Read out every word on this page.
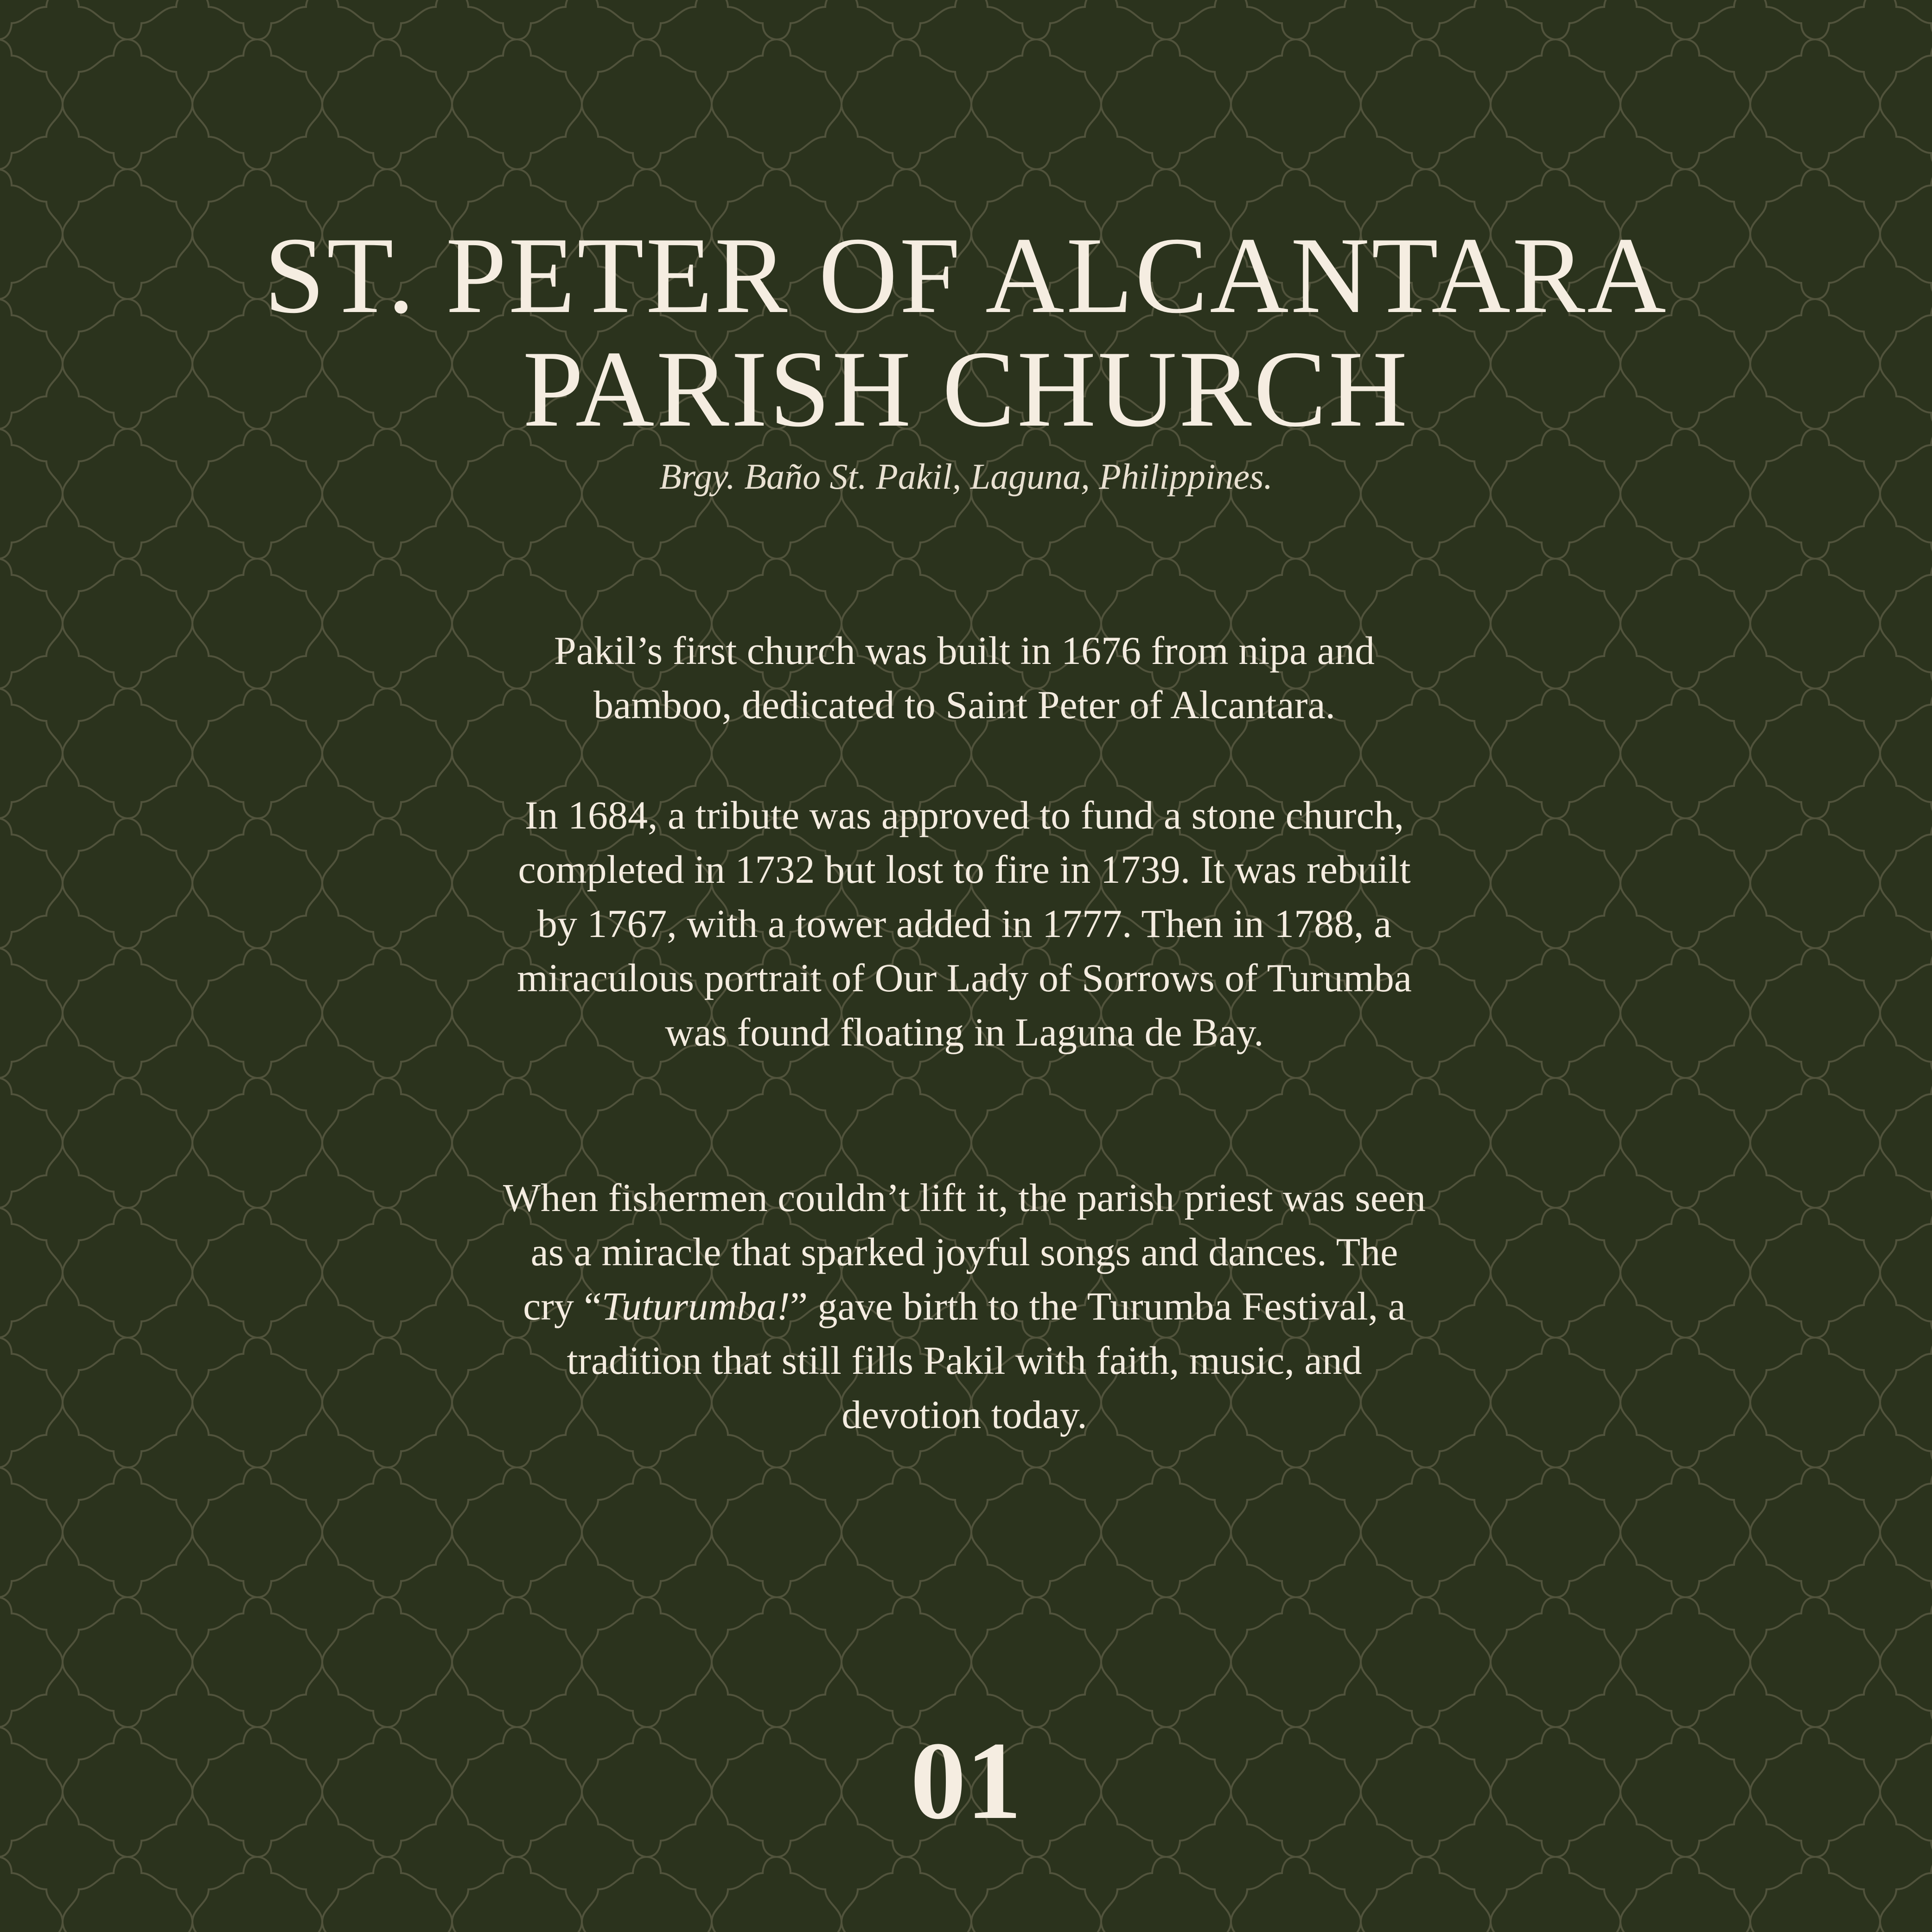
ST. PETER OF ALCANTARA
PARISH CHURCH
Brgy. Baño St. Pakil, Laguna, Philippines.

Pakil’s first church was built in 1676 from nipa and bamboo, dedicated to Saint Peter of Alcantara.

In 1684, a tribute was approved to fund a stone church, completed in 1732 but lost to fire in 1739. It was rebuilt by 1767, with a tower added in 1777. Then in 1788, a miraculous portrait of Our Lady of Sorrows of Turumba was found floating in Laguna de Bay.

When fishermen couldn’t lift it, the parish priest was seen as a miracle that sparked joyful songs and dances. The cry “Tuturumba!” gave birth to the Turumba Festival, a tradition that still fills Pakil with faith, music, and devotion today.

01
